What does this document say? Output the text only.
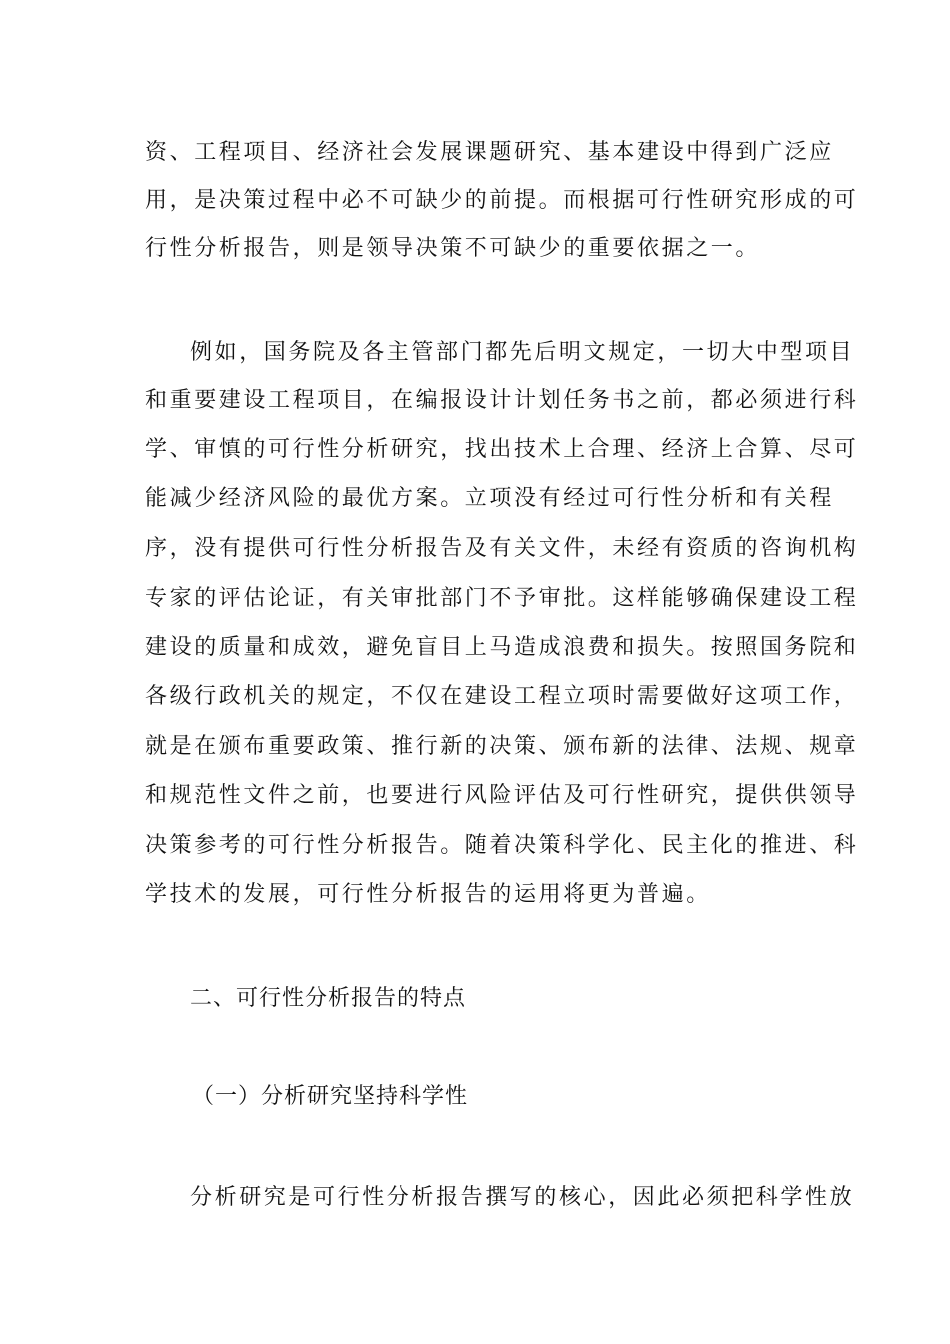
资、工程项目、经济社会发展课题研究、基本建设中得到广泛应
用，是决策过程中必不可缺少的前提。而根据可行性研究形成的可
行性分析报告，则是领导决策不可缺少的重要依据之一。
例如，国务院及各主管部门都先后明文规定，一切大中型项目
和重要建设工程项目，在编报设计计划任务书之前，都必须进行科
学、审慎的可行性分析研究，找出技术上合理、经济上合算、尽可
能减少经济风险的最优方案。立项没有经过可行性分析和有关程
序，没有提供可行性分析报告及有关文件，未经有资质的咨询机构
专家的评估论证，有关审批部门不予审批。这样能够确保建设工程
建设的质量和成效，避免盲目上马造成浪费和损失。按照国务院和
各级行政机关的规定，不仅在建设工程立项时需要做好这项工作，
就是在颁布重要政策、推行新的决策、颁布新的法律、法规、规章
和规范性文件之前，也要进行风险评估及可行性研究，提供供领导
决策参考的可行性分析报告。随着决策科学化、民主化的推进、科
学技术的发展，可行性分析报告的运用将更为普遍。
二、可行性分析报告的特点
（一）分析研究坚持科学性
分析研究是可行性分析报告撰写的核心，因此必须把科学性放
